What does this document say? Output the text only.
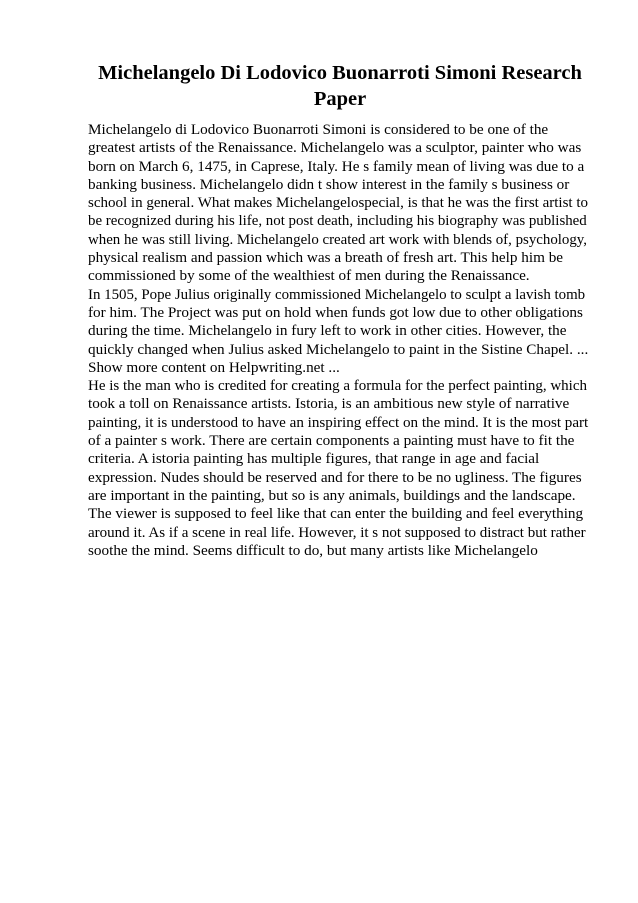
Michelangelo Di Lodovico Buonarroti Simoni Research Paper
Michelangelo di Lodovico Buonarroti Simoni is considered to be one of the
greatest artists of the Renaissance. Michelangelo was a sculptor, painter who was
born on March 6, 1475, in Caprese, Italy. He s family mean of living was due to a
banking business. Michelangelo didn t show interest in the family s business or
school in general. What makes Michelangelospecial, is that he was the first artist to
be recognized during his life, not post death, including his biography was published
when he was still living. Michelangelo created art work with blends of, psychology,
physical realism and passion which was a breath of fresh art. This help him be
commissioned by some of the wealthiest of men during the Renaissance.
In 1505, Pope Julius originally commissioned Michelangelo to sculpt a lavish tomb
for him. The Project was put on hold when funds got low due to other obligations
during the time. Michelangelo in fury left to work in other cities. However, the
quickly changed when Julius asked Michelangelo to paint in the Sistine Chapel. ...
Show more content on Helpwriting.net ...
He is the man who is credited for creating a formula for the perfect painting, which
took a toll on Renaissance artists. Istoria, is an ambitious new style of narrative
painting, it is understood to have an inspiring effect on the mind. It is the most part
of a painter s work. There are certain components a painting must have to fit the
criteria. A istoria painting has multiple figures, that range in age and facial
expression. Nudes should be reserved and for there to be no ugliness. The figures
are important in the painting, but so is any animals, buildings and the landscape.
The viewer is supposed to feel like that can enter the building and feel everything
around it. As if a scene in real life. However, it s not supposed to distract but rather
soothe the mind. Seems difficult to do, but many artists like Michelangelo
